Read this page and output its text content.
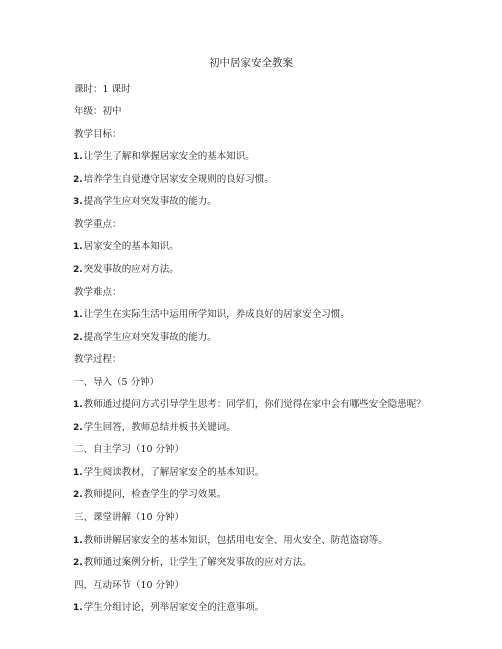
初中居家安全教案
课时：1 课时
年级：初中
教学目标：
1.让学生了解和掌握居家安全的基本知识。
2.培养学生自觉遵守居家安全规则的良好习惯。
3.提高学生应对突发事故的能力。
教学重点：
1.居家安全的基本知识。
2.突发事故的应对方法。
教学难点：
1.让学生在实际生活中运用所学知识，养成良好的居家安全习惯。
2.提高学生应对突发事故的能力。
教学过程：
一、导入（5 分钟）
1.教师通过提问方式引导学生思考：同学们，你们觉得在家中会有哪些安全隐患呢？
2.学生回答，教师总结并板书关键词。
二、自主学习（10 分钟）
1.学生阅读教材，了解居家安全的基本知识。
2.教师提问，检查学生的学习效果。
三、课堂讲解（10 分钟）
1.教师讲解居家安全的基本知识，包括用电安全、用火安全、防范盗窃等。
2.教师通过案例分析，让学生了解突发事故的应对方法。
四、互动环节（10 分钟）
1.学生分组讨论，列举居家安全的注意事项。
